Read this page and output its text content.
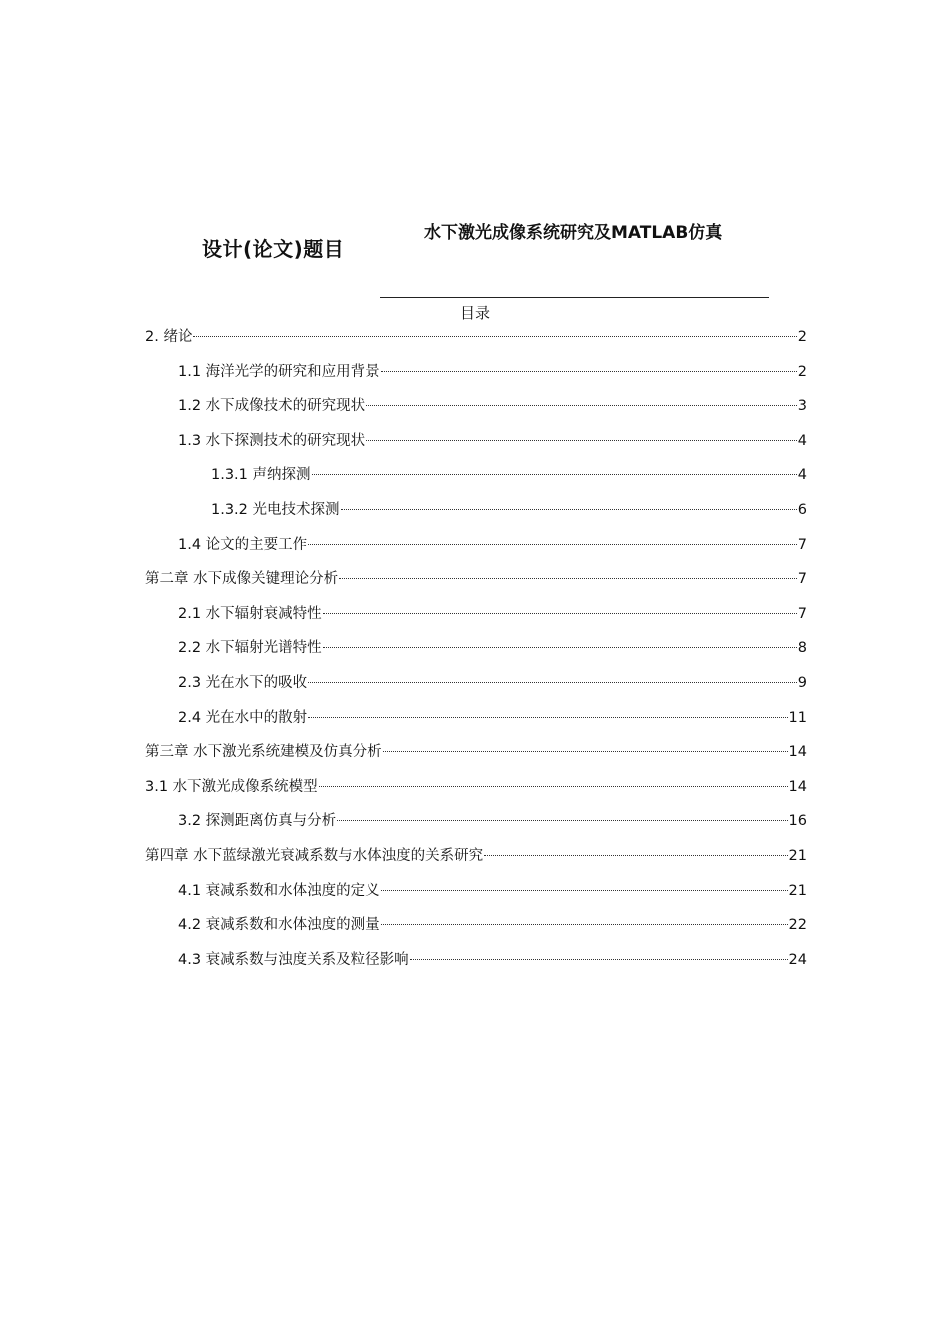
设计(论文)题目
水下激光成像系统研究及MATLAB仿真
目录
2. 绪论	2
1.1 海洋光学的研究和应用背景	2
1.2 水下成像技术的研究现状	3
1.3 水下探测技术的研究现状	4
1.3.1 声纳探测	4
1.3.2 光电技术探测	6
1.4 论文的主要工作	7
第二章 水下成像关键理论分析	7
2.1 水下辐射衰减特性	7
2.2 水下辐射光谱特性	8
2.3 光在水下的吸收	9
2.4 光在水中的散射	11
第三章 水下激光系统建模及仿真分析	14
3.1 水下激光成像系统模型	14
3.2 探测距离仿真与分析	16
第四章 水下蓝绿激光衰减系数与水体浊度的关系研究	21
4.1 衰减系数和水体浊度的定义	21
4.2 衰减系数和水体浊度的测量	22
4.3 衰减系数与浊度关系及粒径影响	24
